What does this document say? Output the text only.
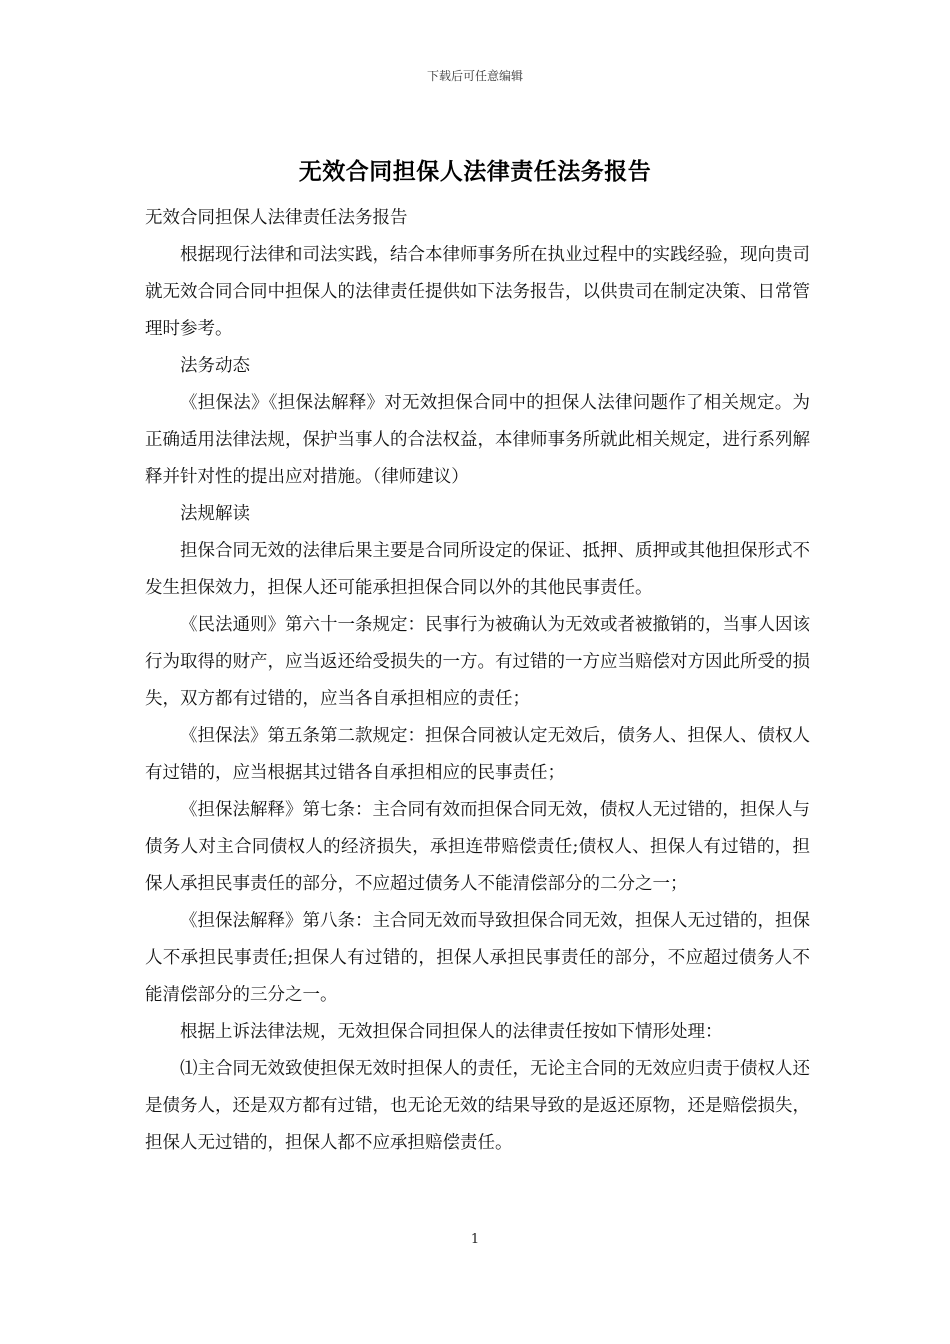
下载后可任意编辑
无效合同担保人法律责任法务报告

无效合同担保人法律责任法务报告

根据现行法律和司法实践，结合本律师事务所在执业过程中的实践经验，现向贵司就无效合同合同中担保人的法律责任提供如下法务报告，以供贵司在制定决策、日常管理时参考。

法务动态

《担保法》《担保法解释》对无效担保合同中的担保人法律问题作了相关规定。为正确适用法律法规，保护当事人的合法权益，本律师事务所就此相关规定，进行系列解释并针对性的提出应对措施。（律师建议）

法规解读

担保合同无效的法律后果主要是合同所设定的保证、抵押、质押或其他担保形式不发生担保效力，担保人还可能承担担保合同以外的其他民事责任。

《民法通则》第六十一条规定：民事行为被确认为无效或者被撤销的，当事人因该行为取得的财产，应当返还给受损失的一方。有过错的一方应当赔偿对方因此所受的损失，双方都有过错的，应当各自承担相应的责任；

《担保法》第五条第二款规定：担保合同被认定无效后，债务人、担保人、债权人有过错的，应当根据其过错各自承担相应的民事责任；

《担保法解释》第七条：主合同有效而担保合同无效，债权人无过错的，担保人与债务人对主合同债权人的经济损失，承担连带赔偿责任;债权人、担保人有过错的，担保人承担民事责任的部分，不应超过债务人不能清偿部分的二分之一；

《担保法解释》第八条：主合同无效而导致担保合同无效，担保人无过错的，担保人不承担民事责任;担保人有过错的，担保人承担民事责任的部分，不应超过债务人不能清偿部分的三分之一。

根据上诉法律法规，无效担保合同担保人的法律责任按如下情形处理：

⑴主合同无效致使担保无效时担保人的责任，无论主合同的无效应归责于债权人还是债务人，还是双方都有过错，也无论无效的结果导致的是返还原物，还是赔偿损失，担保人无过错的，担保人都不应承担赔偿责任。

1
